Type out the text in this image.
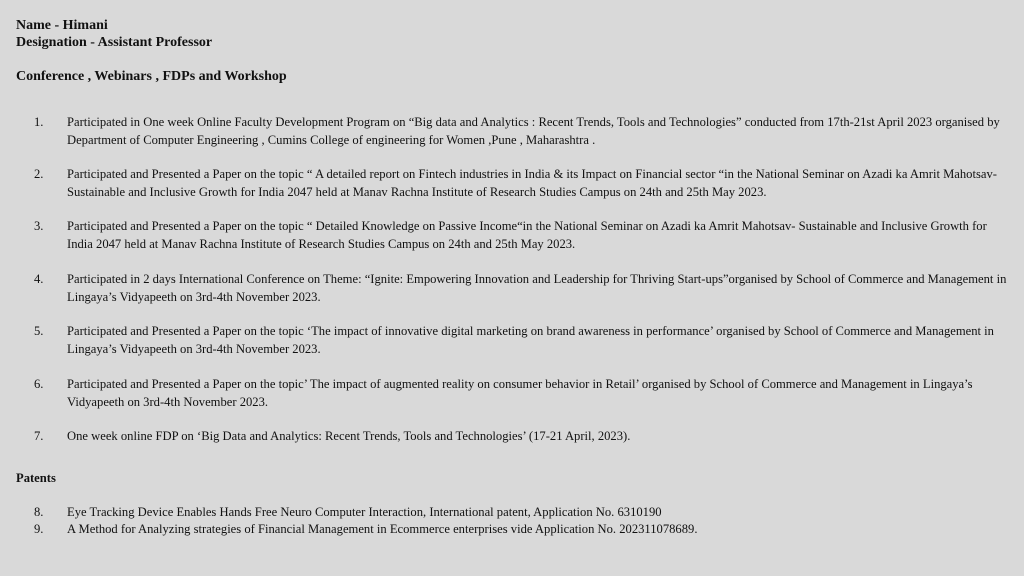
Name - Himani
Designation - Assistant Professor
Conference , Webinars , FDPs and Workshop
1. Participated in One week Online Faculty Development Program on “Big data and Analytics : Recent Trends, Tools and Technologies” conducted from 17th-21st April 2023 organised by Department of Computer Engineering , Cumins College of engineering for Women ,Pune , Maharashtra .
2. Participated and Presented a Paper on the topic “ A detailed report on Fintech industries in India & its Impact on Financial sector “in the National Seminar on Azadi ka Amrit Mahotsav- Sustainable and Inclusive Growth for India 2047 held at Manav Rachna Institute of Research Studies Campus on 24th and 25th May 2023.
3. Participated and Presented a Paper on the topic “ Detailed Knowledge on Passive Income“in the National Seminar on Azadi ka Amrit Mahotsav- Sustainable and Inclusive Growth for India 2047 held at Manav Rachna Institute of Research Studies Campus on 24th and 25th May 2023.
4. Participated in 2 days International Conference on Theme: “Ignite: Empowering Innovation and Leadership for Thriving Start-ups”organised by School of Commerce and Management in Lingaya’s Vidyapeeth on 3rd-4th November 2023.
5. Participated and Presented a Paper on the topic ‘The impact of innovative digital marketing on brand awareness in performance’ organised by School of Commerce and Management in Lingaya’s Vidyapeeth on 3rd-4th November 2023.
6. Participated and Presented a Paper on the topic’ The impact of augmented reality on consumer behavior in Retail’ organised by School of Commerce and Management in Lingaya’s Vidyapeeth on 3rd-4th November 2023.
7. One week online FDP on ‘Big Data and Analytics: Recent Trends, Tools and Technologies’ (17-21 April, 2023).
Patents
8. Eye Tracking Device Enables Hands Free Neuro Computer Interaction, International patent, Application No. 6310190
9. A Method for Analyzing strategies of Financial Management in Ecommerce enterprises vide Application No. 202311078689.
